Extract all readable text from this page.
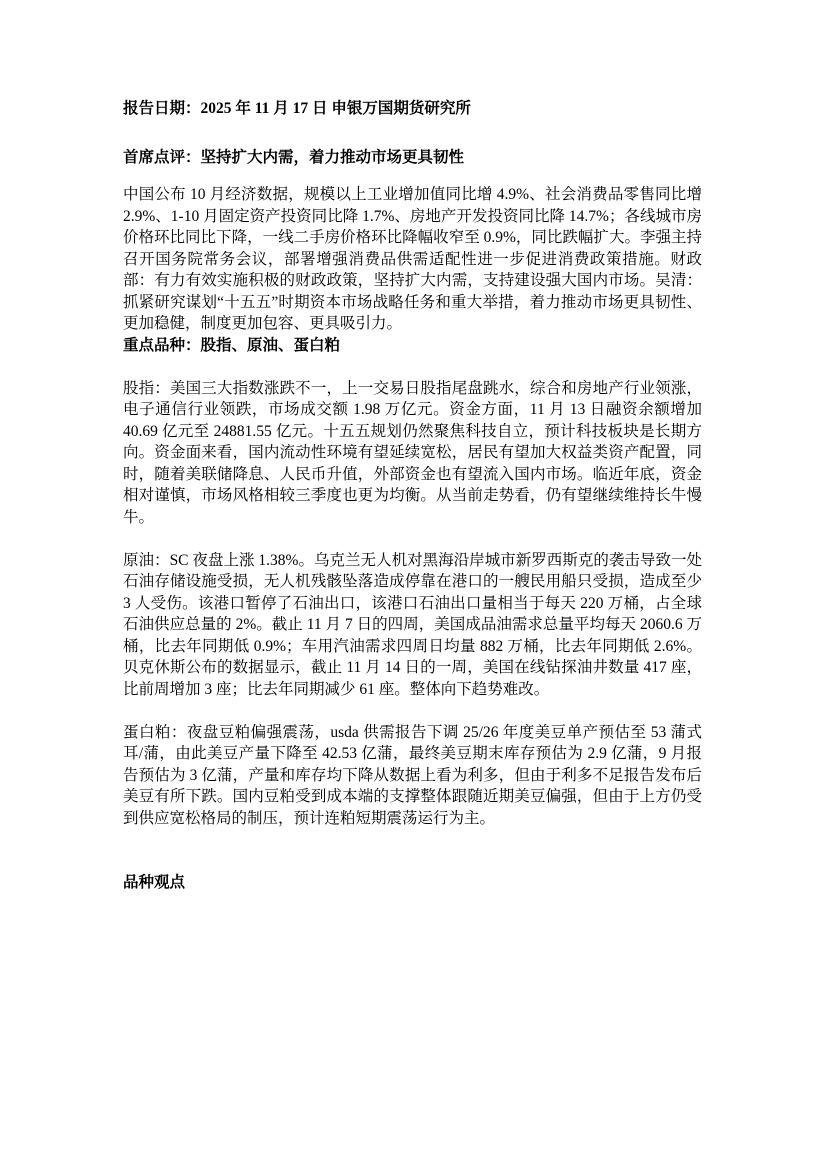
报告日期：2025 年 11 月 17 日 申银万国期货研究所
首席点评：坚持扩大内需，着力推动市场更具韧性

中国公布 10 月经济数据，规模以上工业增加值同比增 4.9%、社会消费品零售同比增 2.9%、1-10 月固定资产投资同比降 1.7%、房地产开发投资同比降 14.7%；各线城市房价格环比同比下降，一线二手房价格环比降幅收窄至 0.9%，同比跌幅扩大。李强主持召开国务院常务会议，部署增强消费品供需适配性进一步促进消费政策措施。财政部：有力有效实施积极的财政政策，坚持扩大内需，支持建设强大国内市场。吴清：抓紧研究谋划“十五五”时期资本市场战略任务和重大举措，着力推动市场更具韧性、更加稳健，制度更加包容、更具吸引力。

重点品种：股指、原油、蛋白粕

股指：美国三大指数涨跌不一，上一交易日股指尾盘跳水，综合和房地产行业领涨，电子通信行业领跌，市场成交额 1.98 万亿元。资金方面，11 月 13 日融资余额增加 40.69 亿元至 24881.55 亿元。十五五规划仍然聚焦科技自立，预计科技板块是长期方向。资金面来看，国内流动性环境有望延续宽松，居民有望加大权益类资产配置，同时，随着美联储降息、人民币升值，外部资金也有望流入国内市场。临近年底，资金相对谨慎，市场风格相较三季度也更为均衡。从当前走势看，仍有望继续维持长牛慢牛。

原油：SC 夜盘上涨 1.38%。乌克兰无人机对黑海沿岸城市新罗西斯克的袭击导致一处石油存储设施受损，无人机残骸坠落造成停靠在港口的一艘民用船只受损，造成至少 3 人受伤。该港口暂停了石油出口，该港口石油出口量相当于每天 220 万桶，占全球石油供应总量的 2%。截止 11 月 7 日的四周，美国成品油需求总量平均每天 2060.6 万桶，比去年同期低 0.9%；车用汽油需求四周日均量 882 万桶，比去年同期低 2.6%。贝克休斯公布的数据显示，截止 11 月 14 日的一周，美国在线钻探油井数量 417 座，比前周增加 3 座；比去年同期减少 61 座。整体向下趋势难改。

蛋白粕：夜盘豆粕偏强震荡，usda 供需报告下调 25/26 年度美豆单产预估至 53 蒲式耳/蒲，由此美豆产量下降至 42.53 亿蒲，最终美豆期末库存预估为 2.9 亿蒲，9 月报告预估为 3 亿蒲，产量和库存均下降从数据上看为利多，但由于利多不足报告发布后美豆有所下跌。国内豆粕受到成本端的支撑整体跟随近期美豆偏强，但由于上方仍受到供应宽松格局的制压，预计连粕短期震荡运行为主。

品种观点
